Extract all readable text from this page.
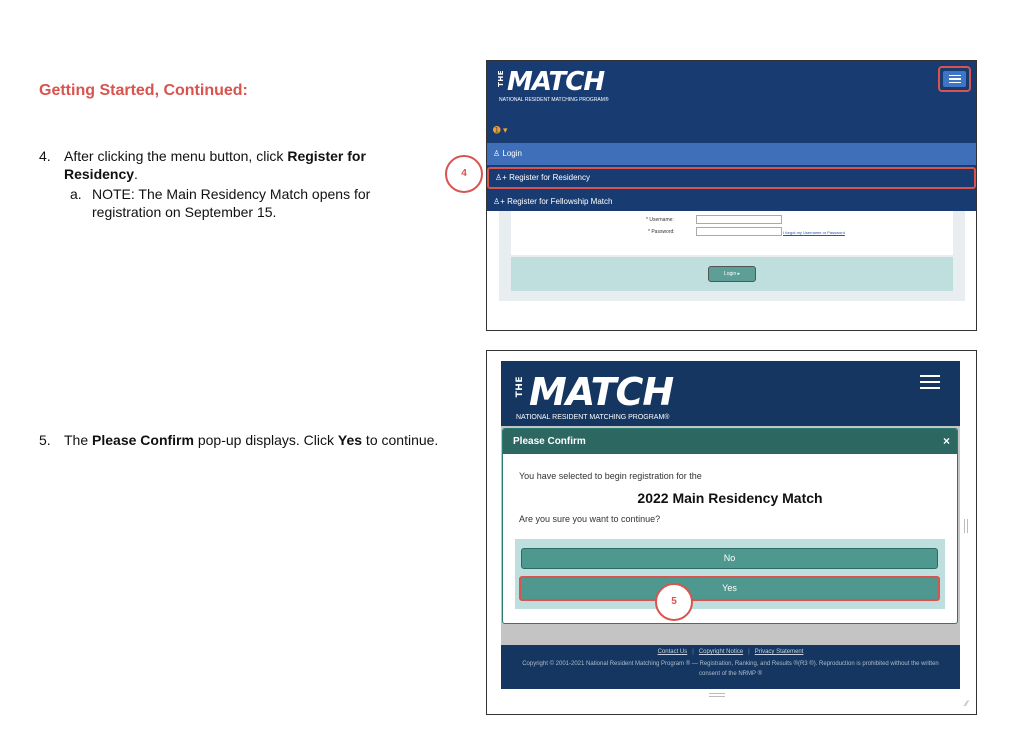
Getting Started, Continued:
4. After clicking the menu button, click Register for Residency.
a. NOTE: The Main Residency Match opens for registration on September 15.
5. The Please Confirm pop-up displays. Click Yes to continue.
THE MATCH
NATIONAL RESIDENT MATCHING PROGRAM®
➊ ▾
♙ Login
♙+ Register for Residency
♙+ Register for Fellowship Match
* Username:
* Password:	I forgot my Username or Password
Login ▸
4
THE MATCH
NATIONAL RESIDENT MATCHING PROGRAM®
Please Confirm	×
You have selected to begin registration for the
2022 Main Residency Match
Are you sure you want to continue?
No
Yes
5
Contact Us | Copyright Notice | Privacy Statement
Copyright © 2001-2021 National Resident Matching Program ® — Registration, Ranking, and Results ®(R3 ®). Reproduction is prohibited without the written consent of the NRMP ®
∕∕
